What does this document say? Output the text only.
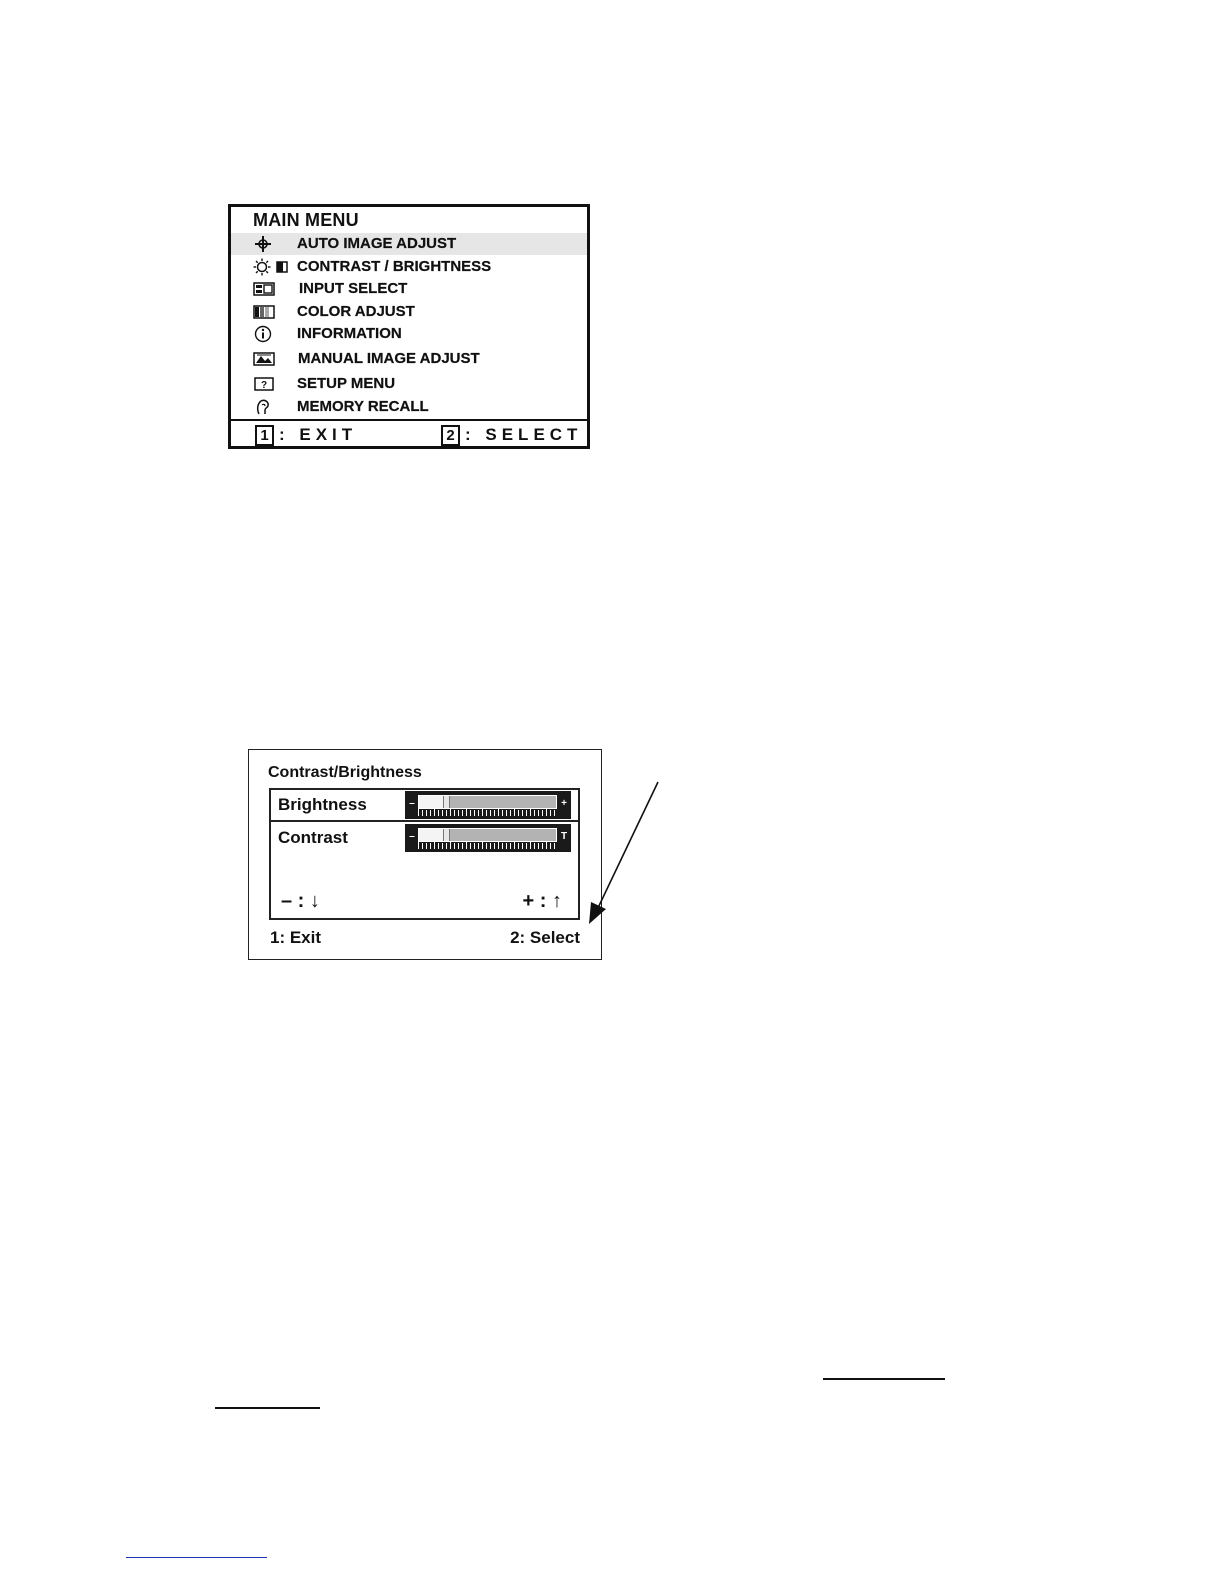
MAIN MENU
AUTO IMAGE ADJUST
CONTRAST / BRIGHTNESS
INPUT SELECT
COLOR ADJUST
INFORMATION
MANUAL IMAGE ADJUST
? SETUP MENU
MEMORY RECALL
1 : EXIT	2 : SELECT
Contrast/Brightness
Brightness	–	+
Contrast	–	T
– : ↓	+ : ↑
1: Exit	2: Select
